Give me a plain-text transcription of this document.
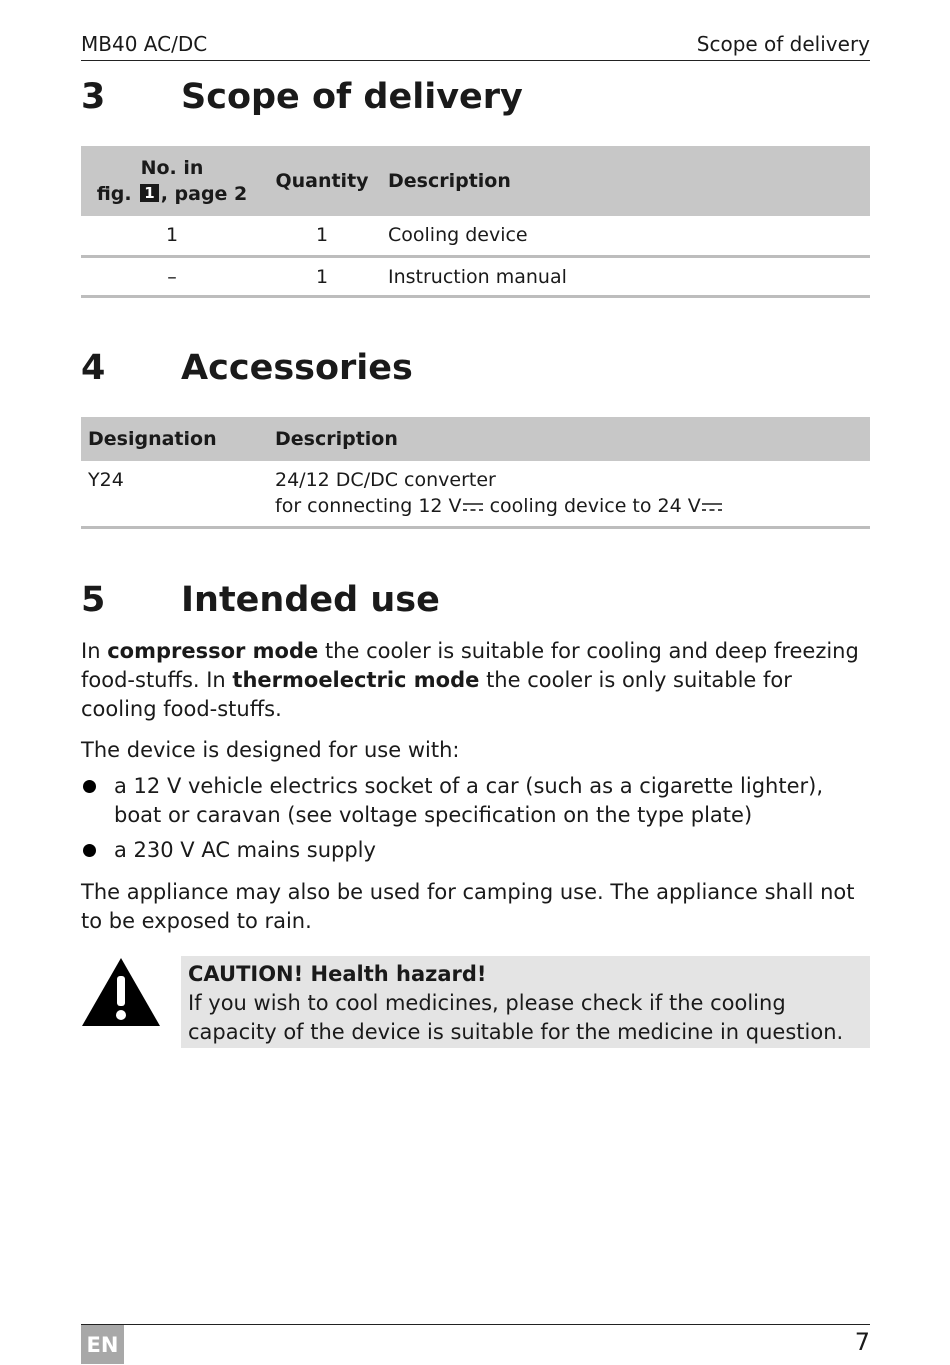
MB40 AC/DC	Scope of delivery
3	Scope of delivery
No. in
fig. 1 , page 2	Quantity	Description
1	1	Cooling device
–	1	Instruction manual
4	Accessories
Designation	Description
Y24	24/12 DC/DC converter
for connecting 12 V cooling device to 24 V
5	Intended use

In compressor mode the cooler is suitable for cooling and deep freezing food-stuffs. In thermoelectric mode the cooler is only suitable for cooling food-stuffs.

The device is designed for use with:

a 12 V vehicle electrics socket of a car (such as a cigarette lighter), boat or caravan (see voltage specification on the type plate)
a 230 V AC mains supply

The appliance may also be used for camping use. The appliance shall not to be exposed to rain.

CAUTION! Health hazard!
If you wish to cool medicines, please check if the cooling capacity of the device is suitable for the medicine in question.
EN	7
